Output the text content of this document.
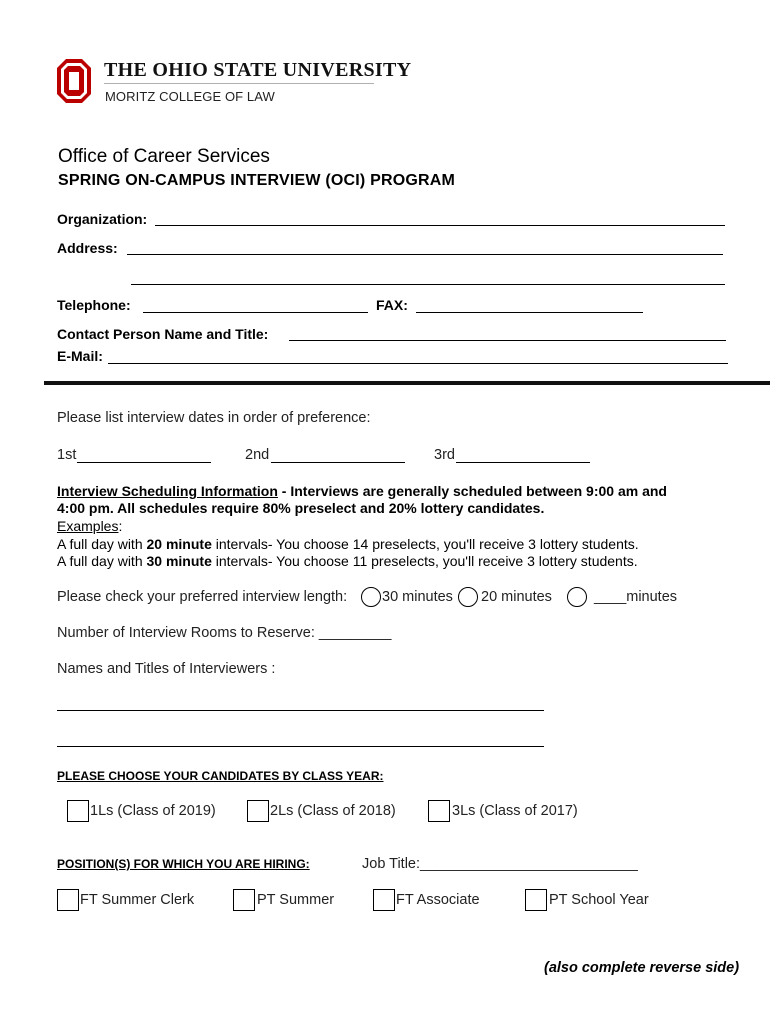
THE OHIO STATE UNIVERSITY
MORITZ COLLEGE OF LAW
Office of Career Services
SPRING ON-CAMPUS INTERVIEW (OCI) PROGRAM
Organization:
Address:
Telephone:	FAX:
Contact Person Name and Title:
E-Mail:
Please list interview dates in order of preference:
1st	2nd	3rd
Interview Scheduling Information - Interviews are generally scheduled between 9:00 am and
4:00 pm. All schedules require 80% preselect and 20% lottery candidates.
Examples:
A full day with 20 minute intervals- You choose 14 preselects, you'll receive 3 lottery students.
A full day with 30 minute intervals- You choose 11 preselects, you'll receive 3 lottery students.
Please check your preferred interview length: 30 minutes 20 minutes	____minutes
Number of Interview Rooms to Reserve: _________
Names and Titles of Interviewers :
PLEASE CHOOSE YOUR CANDIDATES BY CLASS YEAR:
1Ls (Class of 2019)	2Ls (Class of 2018)	3Ls (Class of 2017)
POSITION(S) FOR WHICH YOU ARE HIRING:	Job Title:___________________________
FT Summer Clerk	PT Summer	FT Associate	PT School Year
(also complete reverse side)
